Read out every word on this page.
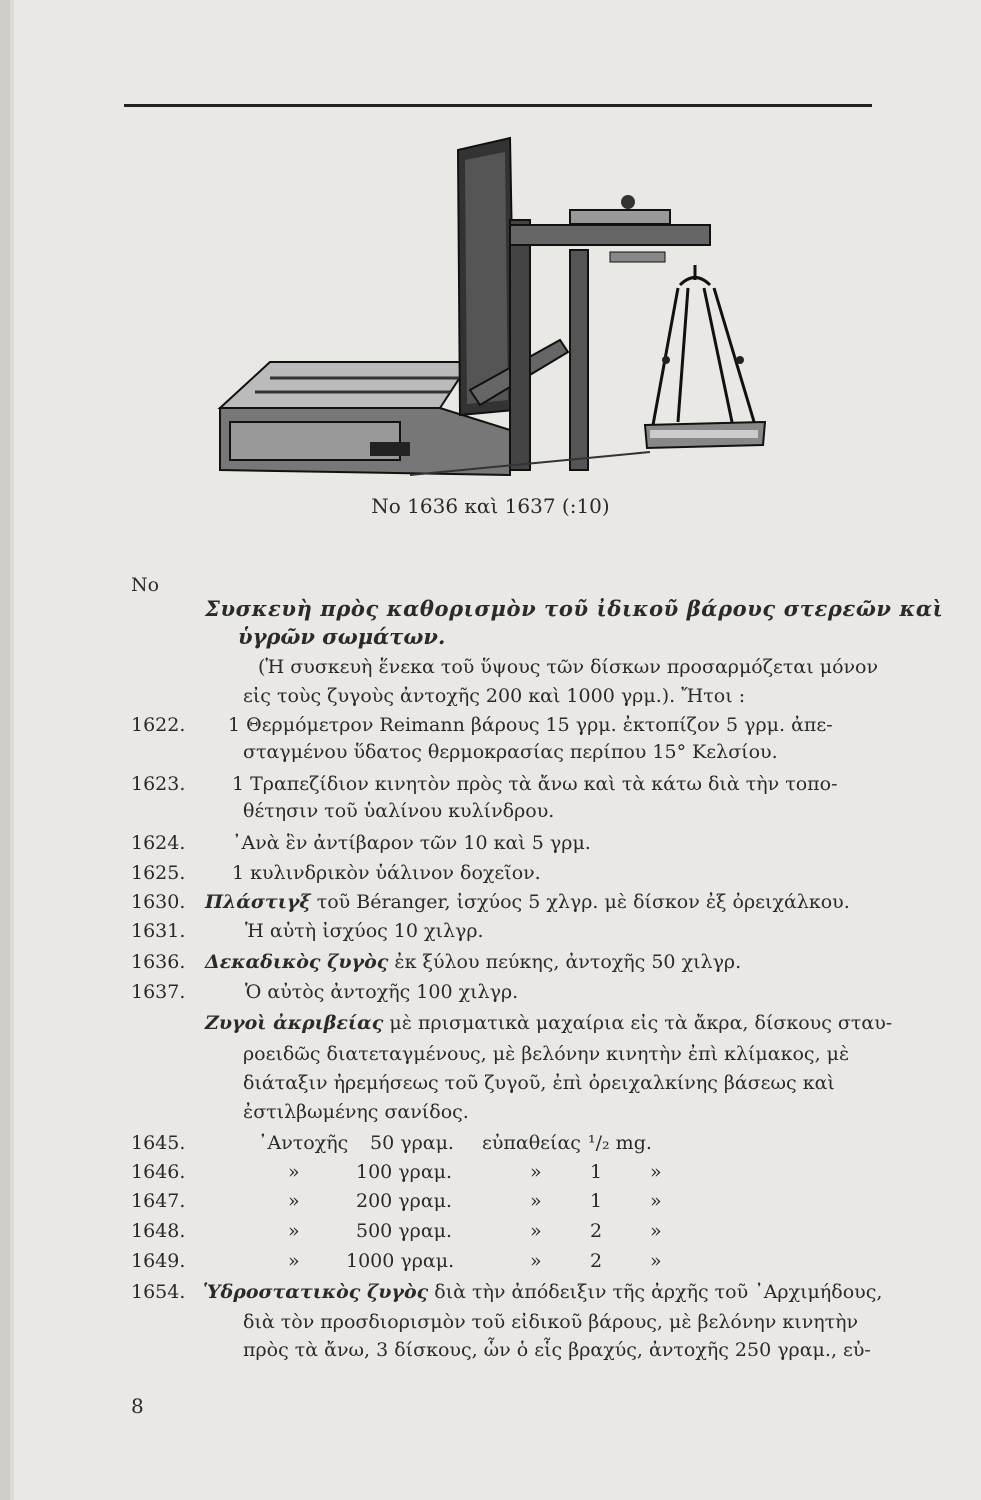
Νο 1636 καὶ 1637 (:10)
Νο
Συσκευὴ πρὸς καθορισμὸν τοῦ ἰδικοῦ βάρους στερεῶν καὶ
ὑγρῶν σωμάτων.
(Ἡ συσκευὴ ἕνεκα τοῦ ὕψους τῶν δίσκων προσαρμόζεται μόνον
εἰς τοὺς ζυγοὺς ἀντοχῆς 200 καὶ 1000 γρμ.). Ἤτοι :
1622. 1 Θερμόμετρον Reimann βάρους 15 γρμ. ἐκτοπίζον 5 γρμ. ἀπε-
σταγμένου ὕδατος θερμοκρασίας περίπου 15° Κελσίου.
1623. 1 Τραπεζίδιον κινητὸν πρὸς τὰ ἄνω καὶ τὰ κάτω διὰ τὴν τοπο-
θέτησιν τοῦ ὑαλίνου κυλίνδρου.
1624. ᾿Ανὰ ἓν ἀντίβαρον τῶν 10 καὶ 5 γρμ.
1625. 1 κυλινδρικὸν ὑάλινον δοχεῖον.
1630. Πλάστιγξ τοῦ Béranger, ἰσχύος 5 χλγρ. μὲ δίσκον ἐξ ὀρειχάλκου.
1631.	Ἡ αὐτὴ ἰσχύος 10 χιλγρ.
1636. Δεκαδικὸς ζυγὸς ἐκ ξύλου πεύκης, ἀντοχῆς 50 χιλγρ.
1637.	Ὁ αὐτὸς ἀντοχῆς 100 χιλγρ.
Ζυγοὶ ἀκριβείας μὲ πρισματικὰ μαχαίρια εἰς τὰ ἄκρα, δίσκους σταυ-
ροειδῶς διατεταγμένους, μὲ βελόνην κινητὴν ἐπὶ κλίμακος, μὲ
διάταξιν ἠρεμήσεως τοῦ ζυγοῦ, ἐπὶ ὀρειχαλκίνης βάσεως καὶ
ἐστιλβωμένης σανίδος.
1645.	᾿Αντοχῆς 50 γραμ. εὐπαθείας ¹/₂ mg.
1646.	»	100 γραμ.	»	1	»
1647.	»	200 γραμ.	»	1	»
1648.	»	500 γραμ.	»	2	»
1649.	» 1000 γραμ.	»	2	»
1654. Ὑδροστατικὸς ζυγὸς διὰ τὴν ἀπόδειξιν τῆς ἀρχῆς τοῦ ᾿Αρχιμήδους,
διὰ τὸν προσδιορισμὸν τοῦ εἰδικοῦ βάρους, μὲ βελόνην κινητὴν
πρὸς τὰ ἄνω, 3 δίσκους, ὧν ὁ εἷς βραχύς, ἀντοχῆς 250 γραμ., εὐ-
8
